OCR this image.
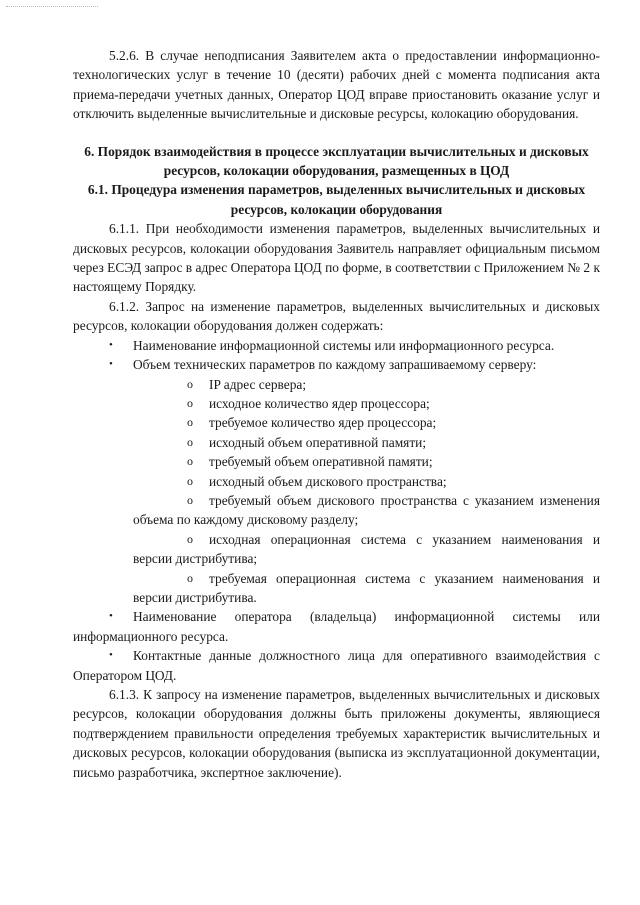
5.2.6. В случае неподписания Заявителем акта о предоставлении информационно-технологических услуг в течение 10 (десяти) рабочих дней с момента подписания акта приема-передачи учетных данных, Оператор ЦОД вправе приостановить оказание услуг и отключить выделенные вычислительные и дисковые ресурсы, колокацию оборудования.

6. Порядок взаимодействия в процессе эксплуатации вычислительных и дисковых ресурсов, колокации оборудования, размещенных в ЦОД

6.1. Процедура изменения параметров, выделенных вычислительных и дисковых ресурсов, колокации оборудования

6.1.1. При необходимости изменения параметров, выделенных вычислительных и дисковых ресурсов, колокации оборудования Заявитель направляет официальным письмом через ЕСЭД запрос в адрес Оператора ЦОД по форме, в соответствии с Приложением № 2 к настоящему Порядку.

6.1.2. Запрос на изменение параметров, выделенных вычислительных и дисковых ресурсов, колокации оборудования должен содержать:

•	Наименование информационной системы или информационного ресурса.
•	Объем технических параметров по каждому запрашиваемому серверу:
o	IP адрес сервера;
o	исходное количество ядер процессора;
o	требуемое количество ядер процессора;
o	исходный объем оперативной памяти;
o	требуемый объем оперативной памяти;
o	исходный объем дискового пространства;
o	требуемый объем дискового пространства с указанием изменения объема по каждому дисковому разделу;
o	исходная операционная система с указанием наименования и версии дистрибутива;
o	требуемая операционная система с указанием наименования и версии дистрибутива.
•	Наименование оператора (владельца) информационной системы или информационного ресурса.
•	Контактные данные должностного лица для оперативного взаимодействия с Оператором ЦОД.

6.1.3. К запросу на изменение параметров, выделенных вычислительных и дисковых ресурсов, колокации оборудования должны быть приложены документы, являющиеся подтверждением правильности определения требуемых характеристик вычислительных и дисковых ресурсов, колокации оборудования (выписка из эксплуатационной документации, письмо разработчика, экспертное заключение).
